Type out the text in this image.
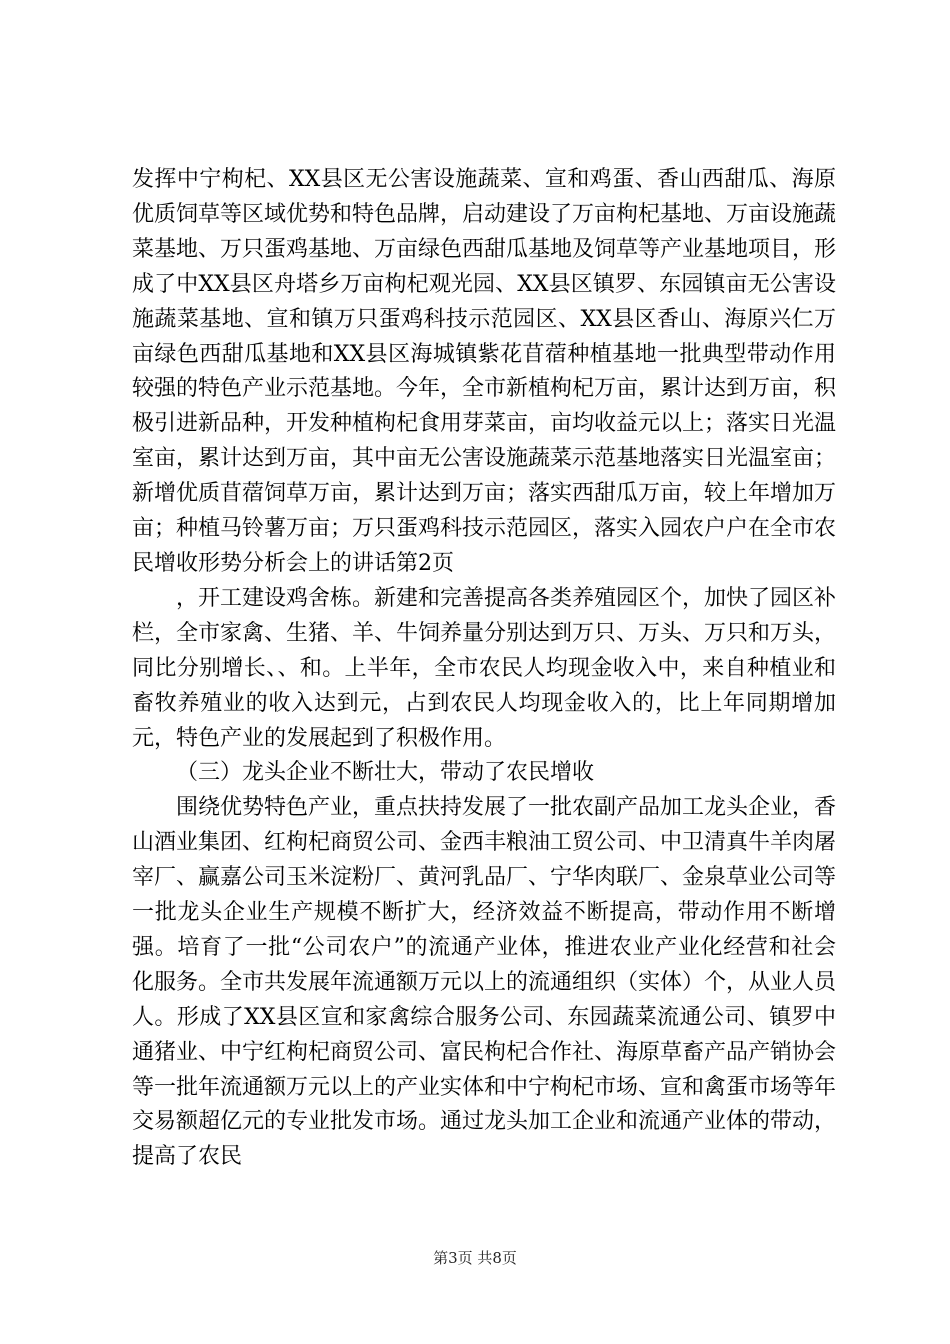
发挥中宁枸杞、XX县区无公害设施蔬菜、宣和鸡蛋、香山西甜瓜、海原优质饲草等区域优势和特色品牌，启动建设了万亩枸杞基地、万亩设施蔬菜基地、万只蛋鸡基地、万亩绿色西甜瓜基地及饲草等产业基地项目，形成了中XX县区舟塔乡万亩枸杞观光园、XX县区镇罗、东园镇亩无公害设施蔬菜基地、宣和镇万只蛋鸡科技示范园区、XX县区香山、海原兴仁万亩绿色西甜瓜基地和XX县区海城镇紫花苜蓿种植基地一批典型带动作用较强的特色产业示范基地。今年，全市新植枸杞万亩，累计达到万亩，积极引进新品种，开发种植枸杞食用芽菜亩，亩均收益元以上；落实日光温室亩，累计达到万亩，其中亩无公害设施蔬菜示范基地落实日光温室亩；新增优质苜蓿饲草万亩，累计达到万亩；落实西甜瓜万亩，较上年增加万亩；种植马铃薯万亩；万只蛋鸡科技示范园区，落实入园农户户在全市农民增收形势分析会上的讲话第2页

，开工建设鸡舍栋。新建和完善提高各类养殖园区个，加快了园区补栏，全市家禽、生猪、羊、牛饲养量分别达到万只、万头、万只和万头，同比分别增长、、和。上半年，全市农民人均现金收入中，来自种植业和畜牧养殖业的收入达到元，占到农民人均现金收入的，比上年同期增加元，特色产业的发展起到了积极作用。

（三）龙头企业不断壮大，带动了农民增收

围绕优势特色产业，重点扶持发展了一批农副产品加工龙头企业，香山酒业集团、红枸杞商贸公司、金西丰粮油工贸公司、中卫清真牛羊肉屠宰厂、赢嘉公司玉米淀粉厂、黄河乳品厂、宁华肉联厂、金泉草业公司等一批龙头企业生产规模不断扩大，经济效益不断提高，带动作用不断增强。培育了一批“公司农户”的流通产业体，推进农业产业化经营和社会化服务。全市共发展年流通额万元以上的流通组织（实体）个，从业人员人。形成了XX县区宣和家禽综合服务公司、东园蔬菜流通公司、镇罗中通猪业、中宁红枸杞商贸公司、富民枸杞合作社、海原草畜产品产销协会等一批年流通额万元以上的产业实体和中宁枸杞市场、宣和禽蛋市场等年交易额超亿元的专业批发市场。通过龙头加工企业和流通产业体的带动，提高了农民

第3页 共8页
